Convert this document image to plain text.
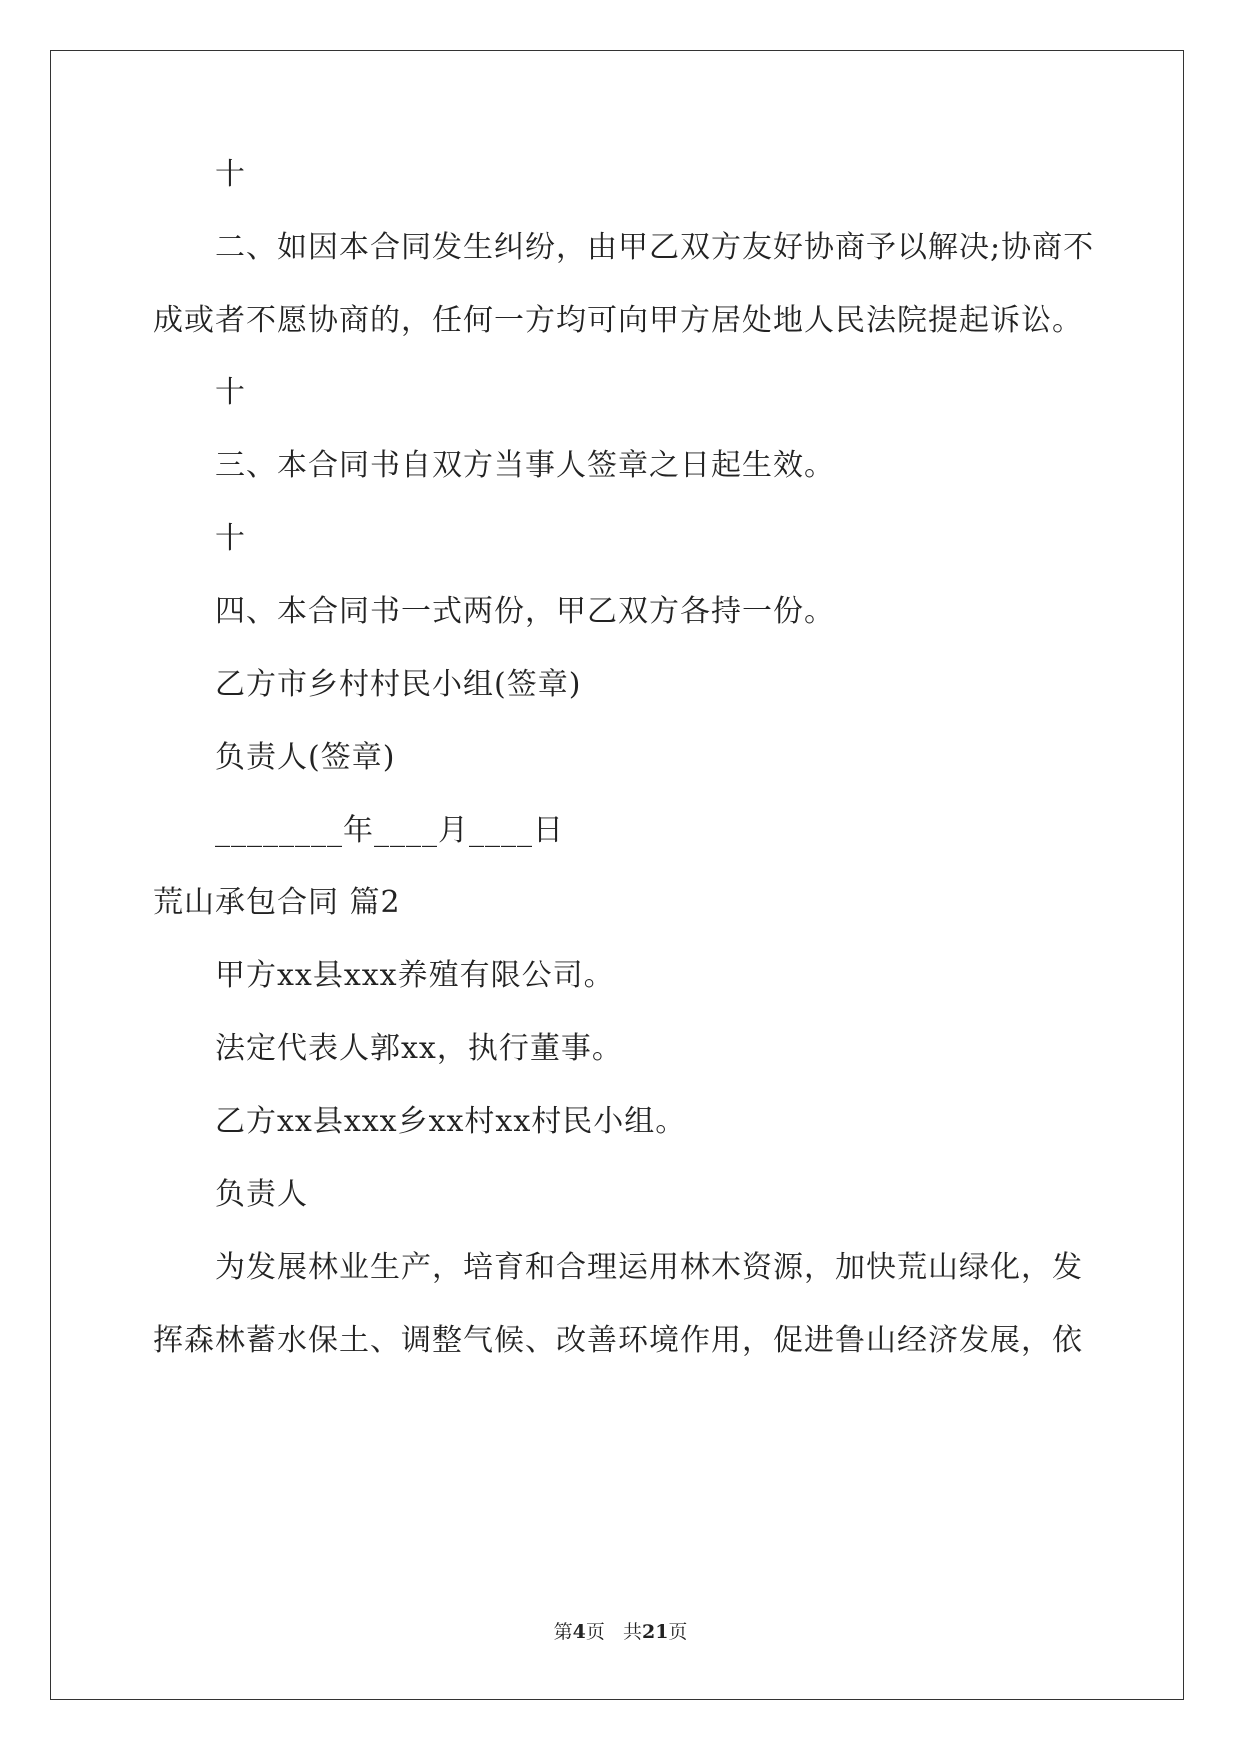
十
二、如因本合同发生纠纷，由甲乙双方友好协商予以解决;协商不
成或者不愿协商的，任何一方均可向甲方居处地人民法院提起诉讼。
十
三、本合同书自双方当事人签章之日起生效。
十
四、本合同书一式两份，甲乙双方各持一份。
乙方市乡村村民小组(签章)
负责人(签章)
________年____月____日
荒山承包合同 篇2
甲方xx县xxx养殖有限公司。
法定代表人郭xx，执行董事。
乙方xx县xxx乡xx村xx村民小组。
负责人
为发展林业生产，培育和合理运用林木资源，加快荒山绿化，发
挥森林蓄水保土、调整气候、改善环境作用，促进鲁山经济发展，依
第4页 共21页
